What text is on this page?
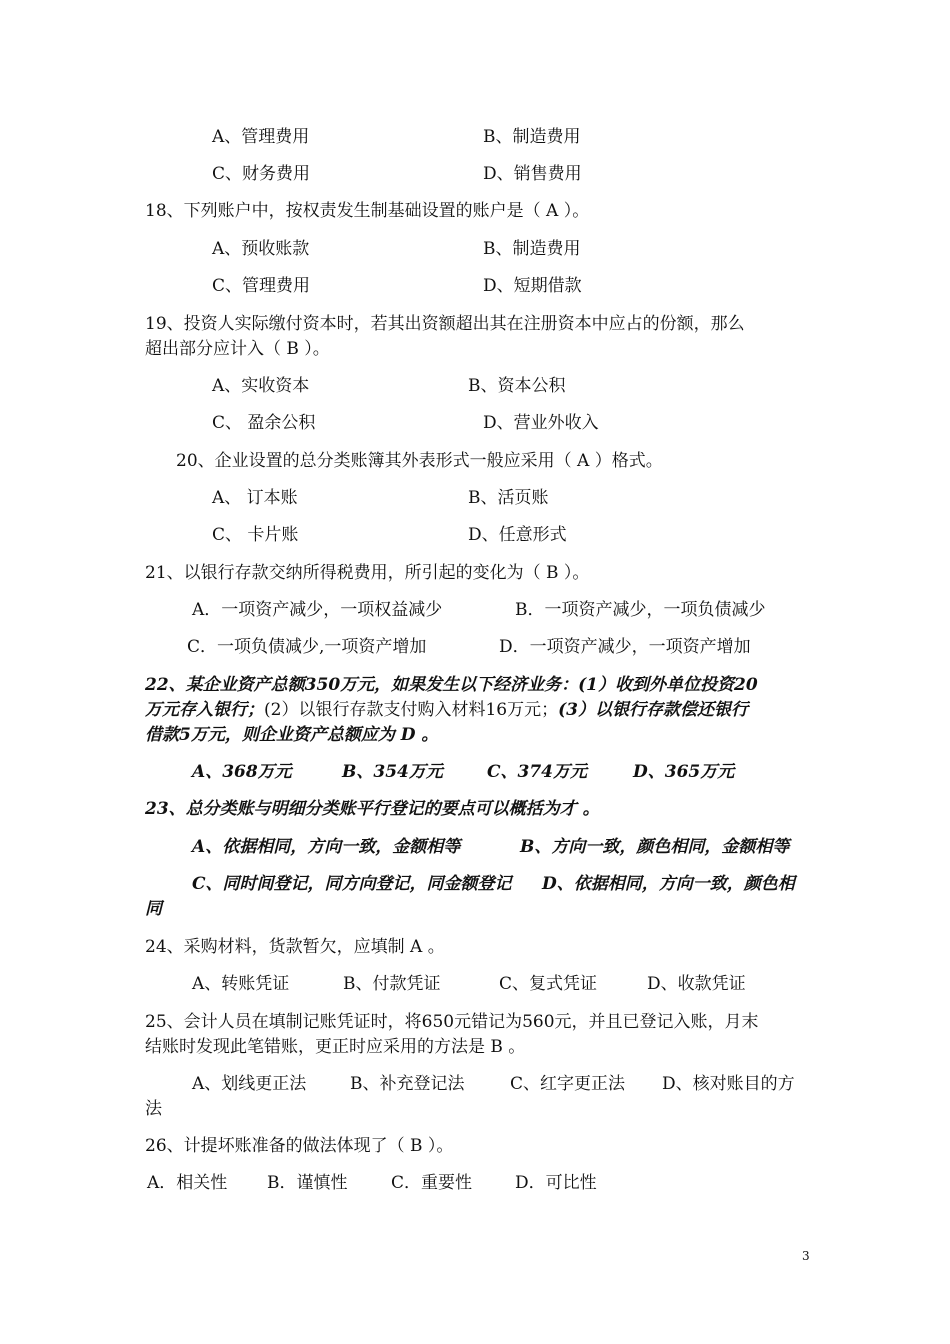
A、管理费用	B、制造费用
C、财务费用	D、销售费用
18、下列账户中，按权责发生制基础设置的账户是（ A ）。
A、预收账款	B、制造费用
C、管理费用	D、短期借款
19、投资人实际缴付资本时，若其出资额超出其在注册资本中应占的份额，那么
超出部分应计入（ B ）。
A、实收资本	B、资本公积
C、 盈余公积	D、营业外收入
20、企业设置的总分类账簿其外表形式一般应采用（ A ）格式。
A、 订本账	B、活页账
C、 卡片账	D、任意形式
21、以银行存款交纳所得税费用，所引起的变化为（ B ）。
A．一项资产减少，一项权益减少	B．一项资产减少，一项负债减少
C．一项负债减少,一项资产增加	D．一项资产减少，一项资产增加
22、某企业资产总额350万元，如果发生以下经济业务：(1）收到外单位投资20
万元存入银行；(2）以银行存款支付购入材料16万元；(3）以银行存款偿还银行
借款5万元，则企业资产总额应为 D 。
A、368万元	B、354万元	C、374万元	D、365万元
23、总分类账与明细分类账平行登记的要点可以概括为才 。
A、依据相同，方向一致，金额相等	B、方向一致，颜色相同，金额相等
C、同时间登记，同方向登记，同金额登记 D、依据相同，方向一致，颜色相
同
24、采购材料，货款暂欠，应填制 A 。
A、转账凭证	B、付款凭证	C、复式凭证	D、收款凭证
25、会计人员在填制记账凭证时，将650元错记为560元，并且已登记入账，月末
结账时发现此笔错账，更正时应采用的方法是 B 。
A、划线更正法	B、补充登记法	C、红字更正法 D、核对账目的方
法
26、计提坏账准备的做法体现了（ B ）。
A．相关性 B．谨慎性	C．重要性	D．可比性
3
